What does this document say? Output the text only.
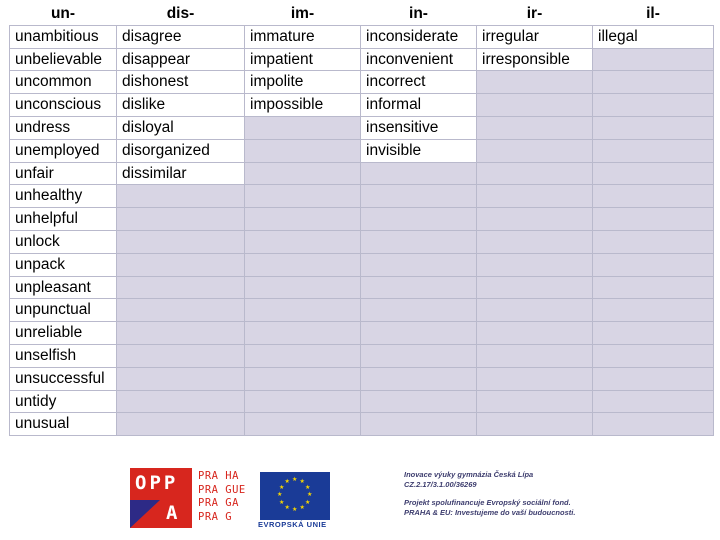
un-	dis-	im-	in-	ir-	il-
unambitious	disagree	immature	inconsiderate	irregular	illegal
unbelievable	disappear	impatient	inconvenient	irresponsible	
uncommon	dishonest	impolite	incorrect		
unconscious	dislike	impossible	informal		
undress	disloyal		insensitive		
unemployed	disorganized		invisible		
unfair	dissimilar				
unhealthy					
unhelpful					
unlock					
unpack					
unpleasant					
unpunctual					
unreliable					
unselfish					
unsuccessful					
untidy					
unusual					
OPP
A
PRA HA
PRA GUE
PRA GA
PRA G
★ ★
★
★
★
★
★
★
★
★
★
★
EVROPSKÁ UNIE

Inovace výuky gymnázia Česká Lípa
CZ.2.17/3.1.00/36269

Projekt spolufinancuje Evropský sociální fond.
PRAHA & EU: Investujeme do vaší budoucnosti.
